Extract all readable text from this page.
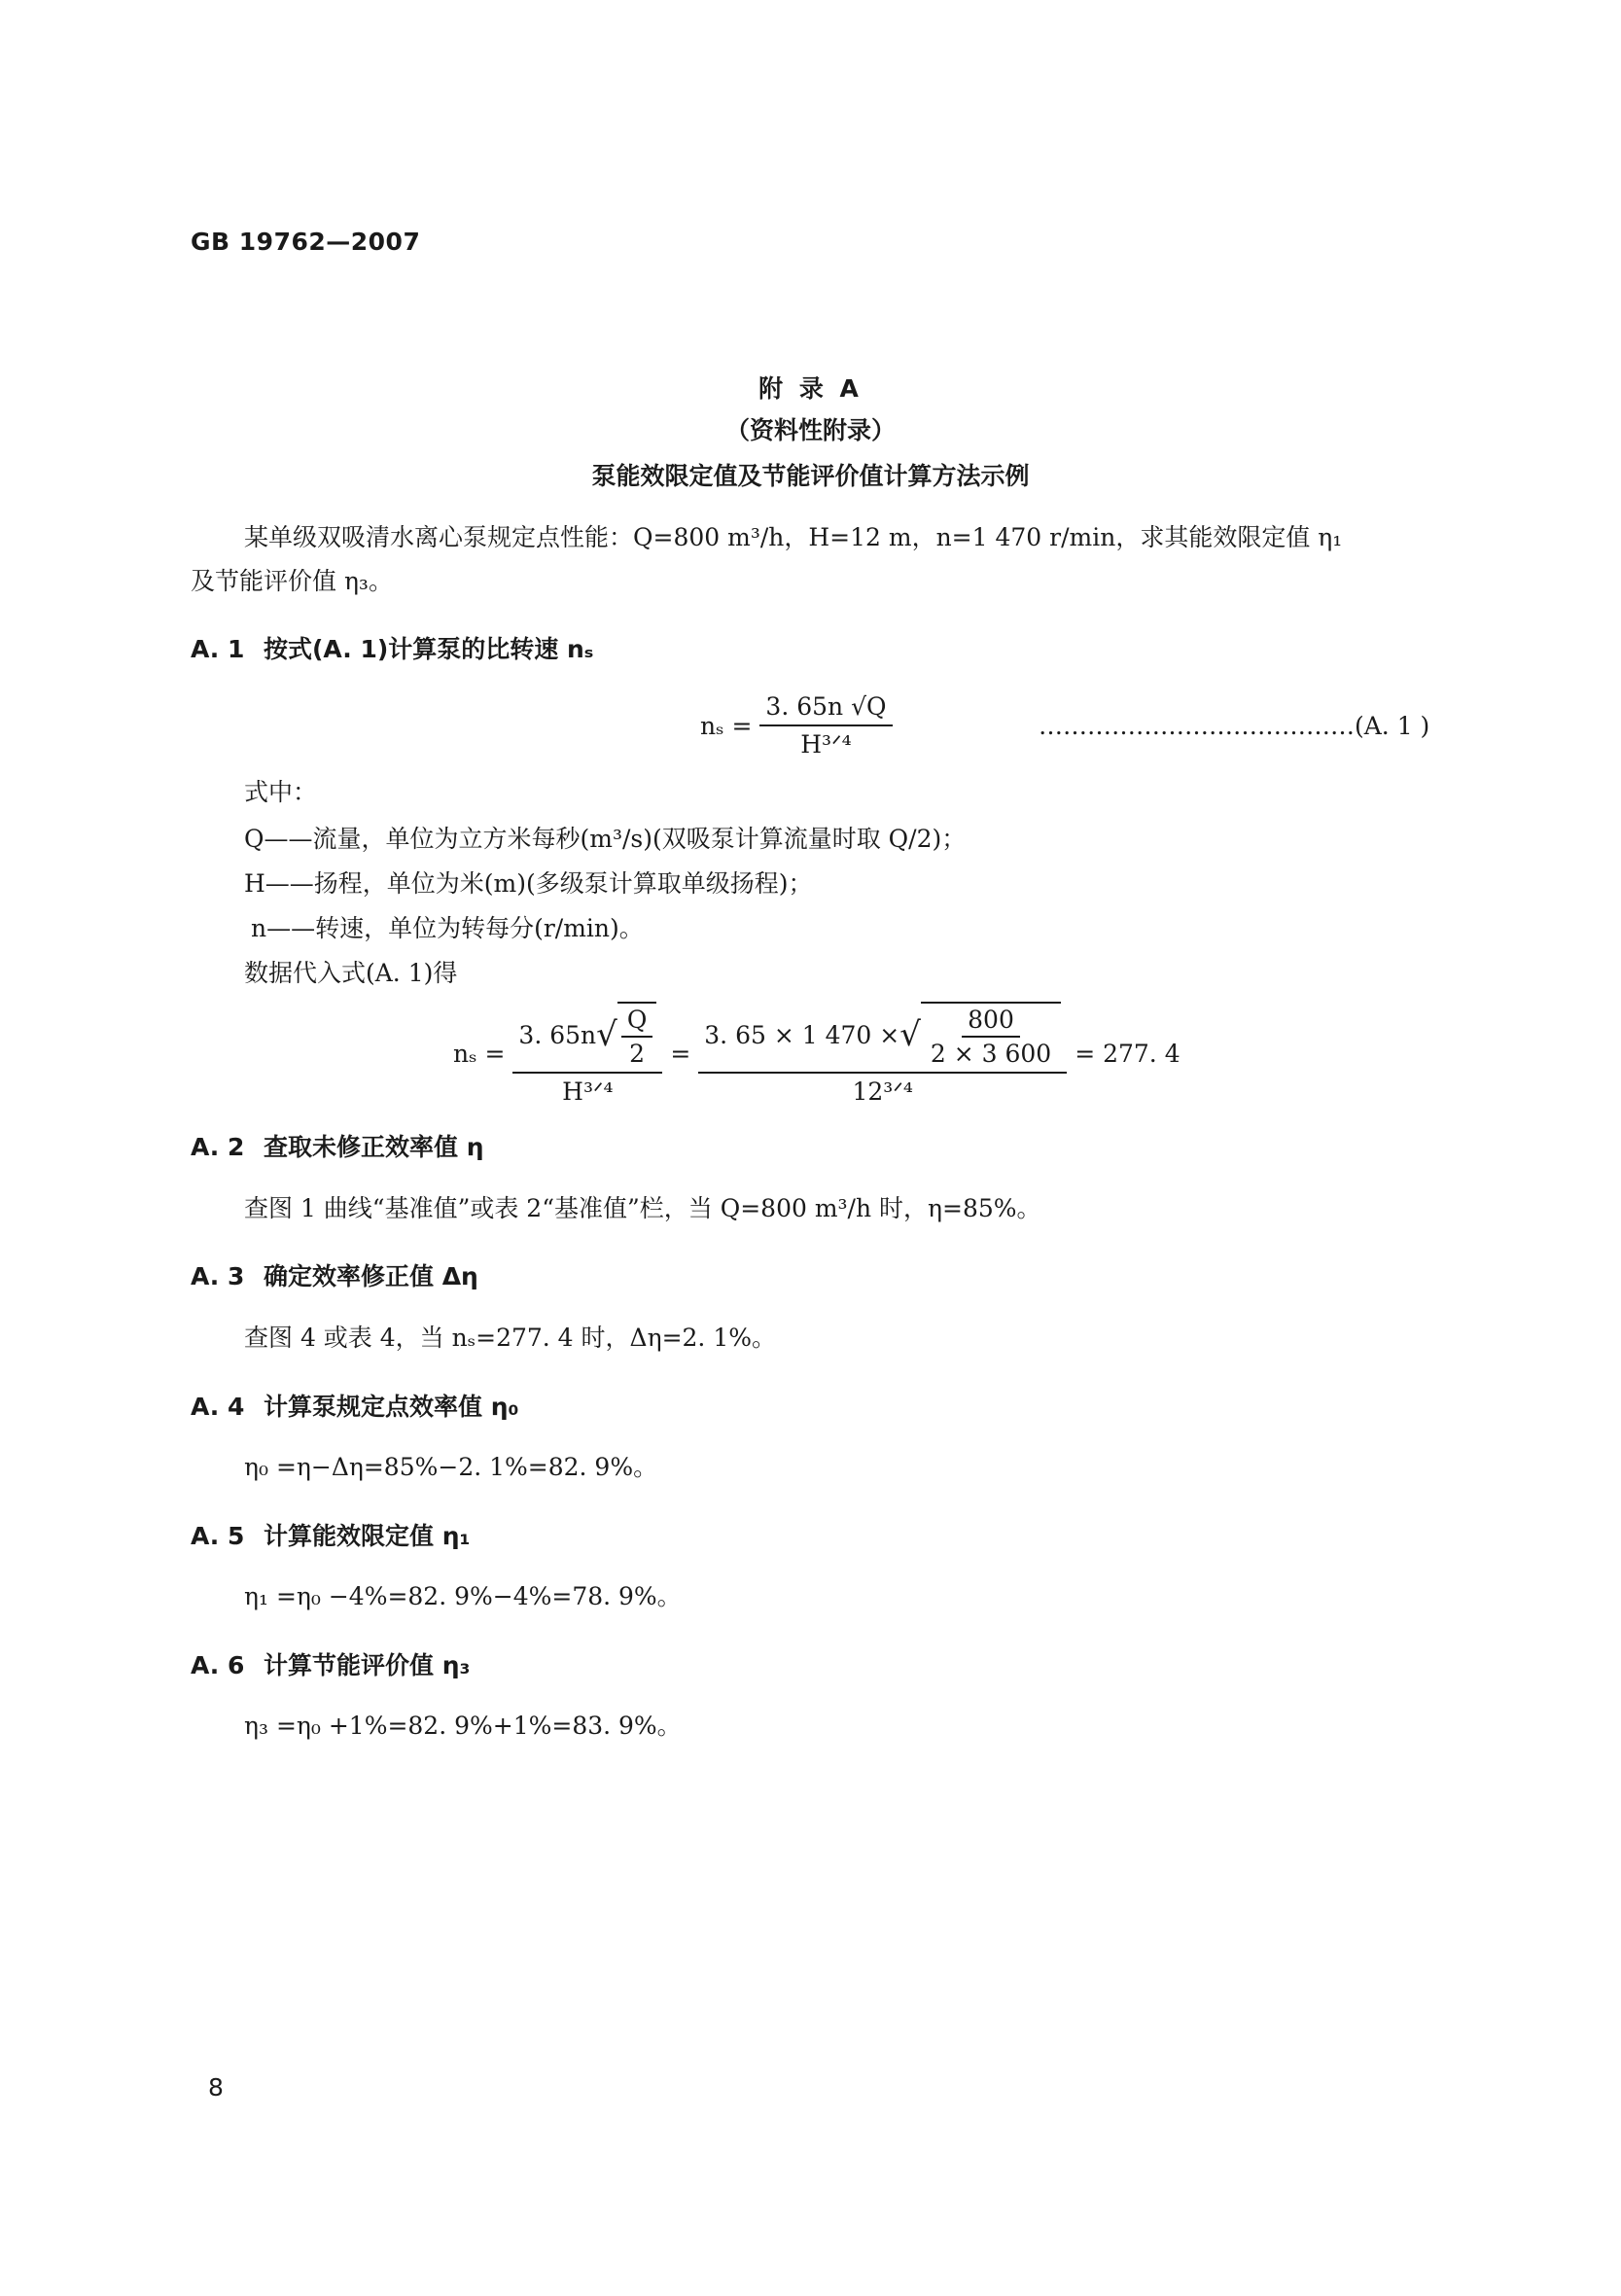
GB 19762—2007
附 录 A
（资料性附录）
泵能效限定值及节能评价值计算方法示例
某单级双吸清水离心泵规定点性能：Q=800 m³/h，H=12 m，n=1 470 r/min，求其能效限定值 η₁
及节能评价值 η₃。
A. 1 按式(A. 1)计算泵的比转速 nₛ
$n_s = \frac{3. 65n √Q}{\text{H³ᐟ⁴}}$	…………………………………(A. 1 )
式中：
Q——流量，单位为立方米每秒(m³/s)(双吸泵计算流量时取 Q/2)；
H——扬程，单位为米(m)(多级泵计算取单级扬程)；
n——转速，单位为转每分(r/min)。
数据代入式(A. 1)得
$n_s = \frac{3. 65n √ \frac{Q}{2}}{\text{H³ᐟ⁴}}$ =
3. 65 × 1 470 × √ $\frac{800}{2 \times 3 600}$
12³ᐟ⁴
= 277. 4
A. 2 查取未修正效率值 η
查图 1 曲线“基准值”或表 2“基准值”栏，当 Q=800 m³/h 时，η=85%。
A. 3 确定效率修正值 Δη
查图 4 或表 4，当 nₛ=277. 4 时，Δη=2. 1%。
A. 4 计算泵规定点效率值 η₀
η₀ =η−Δη=85%−2. 1%=82. 9%。
A. 5 计算能效限定值 η₁
η₁ =η₀ −4%=82. 9%−4%=78. 9%。
A. 6 计算节能评价值 η₃
η₃ =η₀ +1%=82. 9%+1%=83. 9%。
8
